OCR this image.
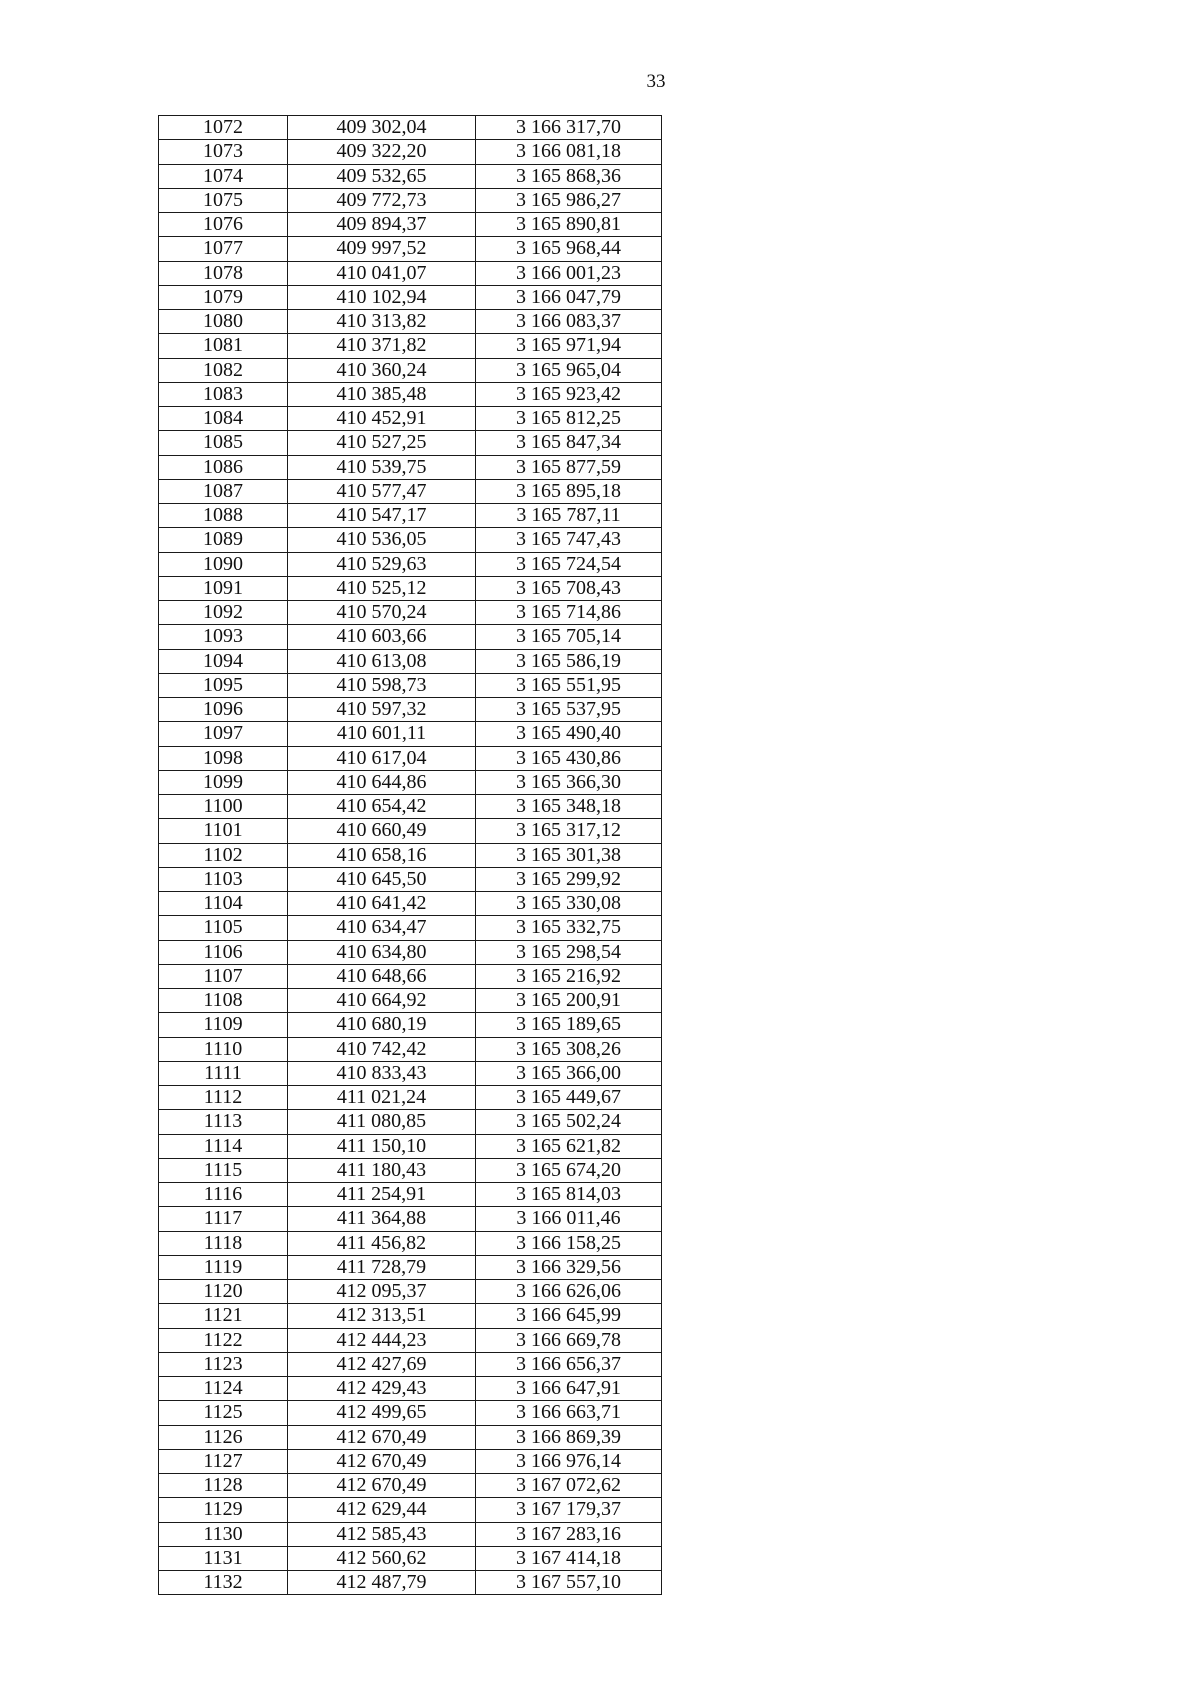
33
1072	409 302,04	3 166 317,70
1073	409 322,20	3 166 081,18
1074	409 532,65	3 165 868,36
1075	409 772,73	3 165 986,27
1076	409 894,37	3 165 890,81
1077	409 997,52	3 165 968,44
1078	410 041,07	3 166 001,23
1079	410 102,94	3 166 047,79
1080	410 313,82	3 166 083,37
1081	410 371,82	3 165 971,94
1082	410 360,24	3 165 965,04
1083	410 385,48	3 165 923,42
1084	410 452,91	3 165 812,25
1085	410 527,25	3 165 847,34
1086	410 539,75	3 165 877,59
1087	410 577,47	3 165 895,18
1088	410 547,17	3 165 787,11
1089	410 536,05	3 165 747,43
1090	410 529,63	3 165 724,54
1091	410 525,12	3 165 708,43
1092	410 570,24	3 165 714,86
1093	410 603,66	3 165 705,14
1094	410 613,08	3 165 586,19
1095	410 598,73	3 165 551,95
1096	410 597,32	3 165 537,95
1097	410 601,11	3 165 490,40
1098	410 617,04	3 165 430,86
1099	410 644,86	3 165 366,30
1100	410 654,42	3 165 348,18
1101	410 660,49	3 165 317,12
1102	410 658,16	3 165 301,38
1103	410 645,50	3 165 299,92
1104	410 641,42	3 165 330,08
1105	410 634,47	3 165 332,75
1106	410 634,80	3 165 298,54
1107	410 648,66	3 165 216,92
1108	410 664,92	3 165 200,91
1109	410 680,19	3 165 189,65
1110	410 742,42	3 165 308,26
1111	410 833,43	3 165 366,00
1112	411 021,24	3 165 449,67
1113	411 080,85	3 165 502,24
1114	411 150,10	3 165 621,82
1115	411 180,43	3 165 674,20
1116	411 254,91	3 165 814,03
1117	411 364,88	3 166 011,46
1118	411 456,82	3 166 158,25
1119	411 728,79	3 166 329,56
1120	412 095,37	3 166 626,06
1121	412 313,51	3 166 645,99
1122	412 444,23	3 166 669,78
1123	412 427,69	3 166 656,37
1124	412 429,43	3 166 647,91
1125	412 499,65	3 166 663,71
1126	412 670,49	3 166 869,39
1127	412 670,49	3 166 976,14
1128	412 670,49	3 167 072,62
1129	412 629,44	3 167 179,37
1130	412 585,43	3 167 283,16
1131	412 560,62	3 167 414,18
1132	412 487,79	3 167 557,10
